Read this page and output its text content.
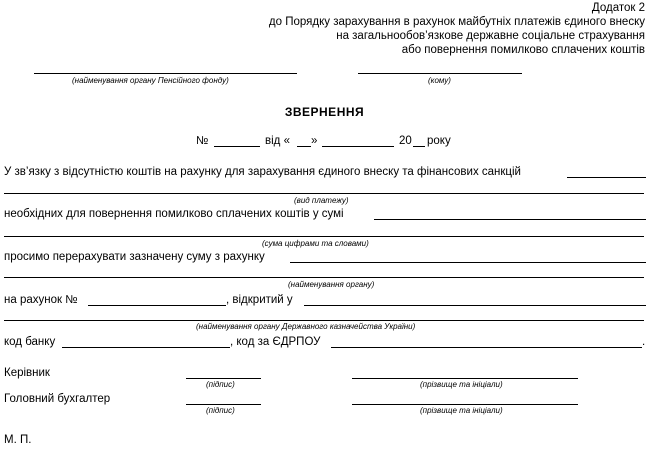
Додаток 2
до Порядку зарахування в рахунок майбутніх платежів єдиного внеску
на загальнообов’язкове державне соціальне страхування
або повернення помилково сплачених коштів
(найменування органу Пенсійного фонду)	(кому)
ЗВЕРНЕННЯ
№	від « »	20 року
У зв’язку з відсутністю коштів на рахунку для зарахування єдиного внеску та фінансових санкцій
(вид платежу)
необхідних для повернення помилково сплачених коштів у сумі
(сума цифрами та словами)
просимо перерахувати зазначену суму з рахунку
(найменування органу)
на рахунок №	, відкритий у
(найменування органу Державного казначейства України)
код банку	, код за ЄДРПОУ	.
Керівник
(підпис)	(прізвище та ініціали)
Головний бухгалтер
(підпис)	(прізвище та ініціали)
М. П.
